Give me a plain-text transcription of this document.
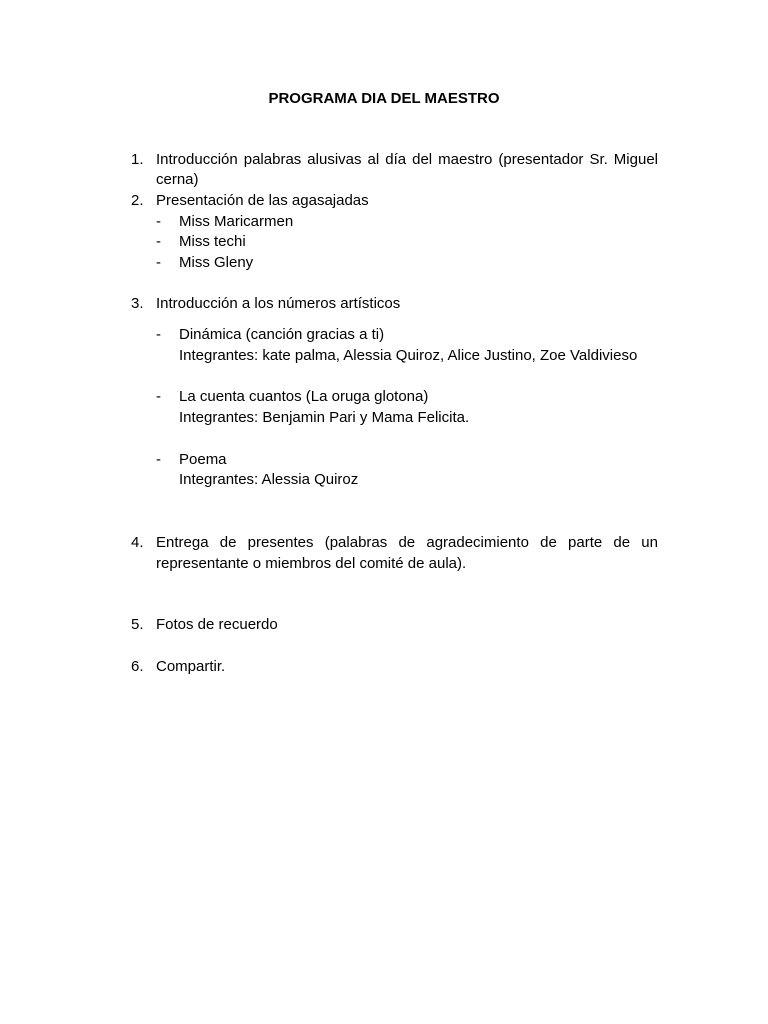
PROGRAMA DIA DEL MAESTRO
1. Introducción palabras alusivas al día del maestro (presentador Sr. Miguel
cerna)
2. Presentación de las agasajadas
- Miss Maricarmen
- Miss techi
- Miss Gleny
3. Introducción a los números artísticos
- Dinámica (canción gracias a ti)
Integrantes: kate palma, Alessia Quiroz, Alice Justino, Zoe Valdivieso
- La cuenta cuantos (La oruga glotona)
Integrantes: Benjamin Pari y Mama Felicita.
- Poema
Integrantes: Alessia Quiroz
4. Entrega de presentes (palabras de agradecimiento de parte de un
representante o miembros del comité de aula).
5. Fotos de recuerdo
6. Compartir.
